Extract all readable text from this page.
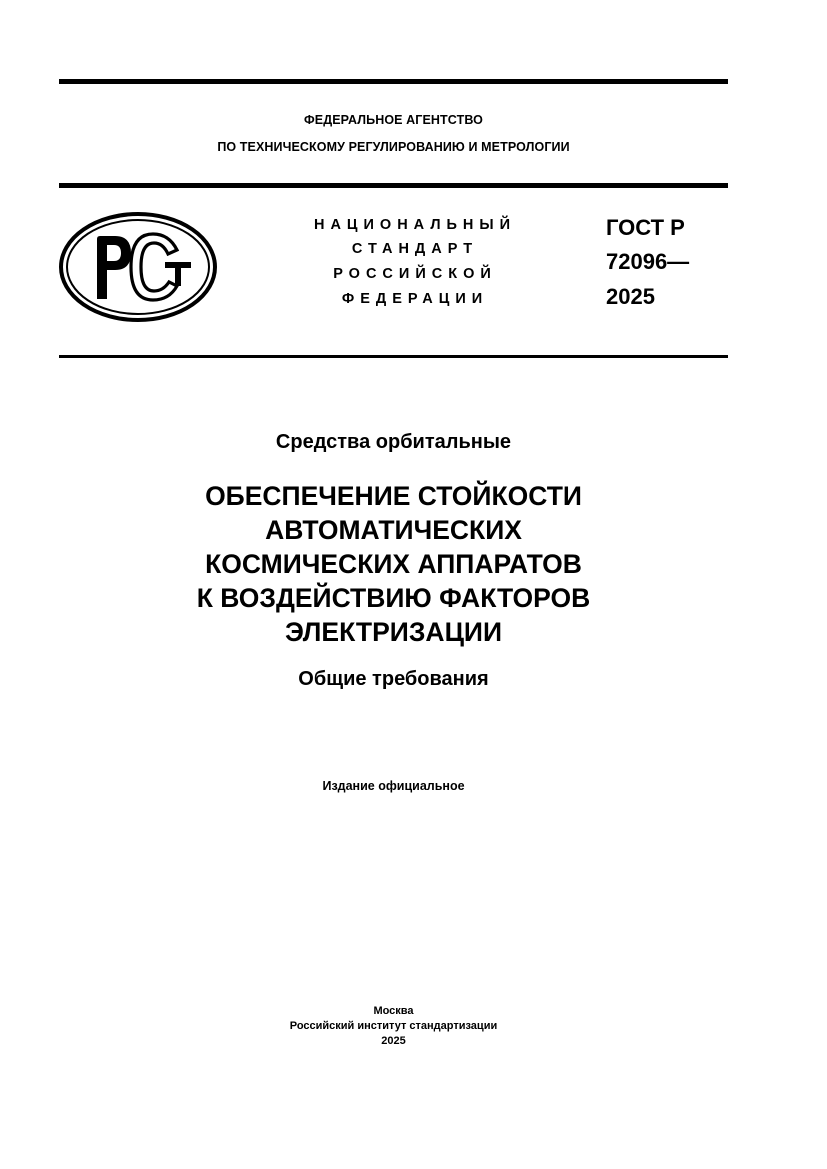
ФЕДЕРАЛЬНОЕ АГЕНТСТВО
ПО ТЕХНИЧЕСКОМУ РЕГУЛИРОВАНИЮ И МЕТРОЛОГИИ
НАЦИОНАЛЬНЫЙ
СТАНДАРТ
РОССИЙСКОЙ
ФЕДЕРАЦИИ
ГОСТ Р
72096—
2025
Средства орбитальные
ОБЕСПЕЧЕНИЕ СТОЙКОСТИ
АВТОМАТИЧЕСКИХ
КОСМИЧЕСКИХ АППАРАТОВ
К ВОЗДЕЙСТВИЮ ФАКТОРОВ
ЭЛЕКТРИЗАЦИИ
Общие требования
Издание официальное
Москва
Российский институт стандартизации
2025
